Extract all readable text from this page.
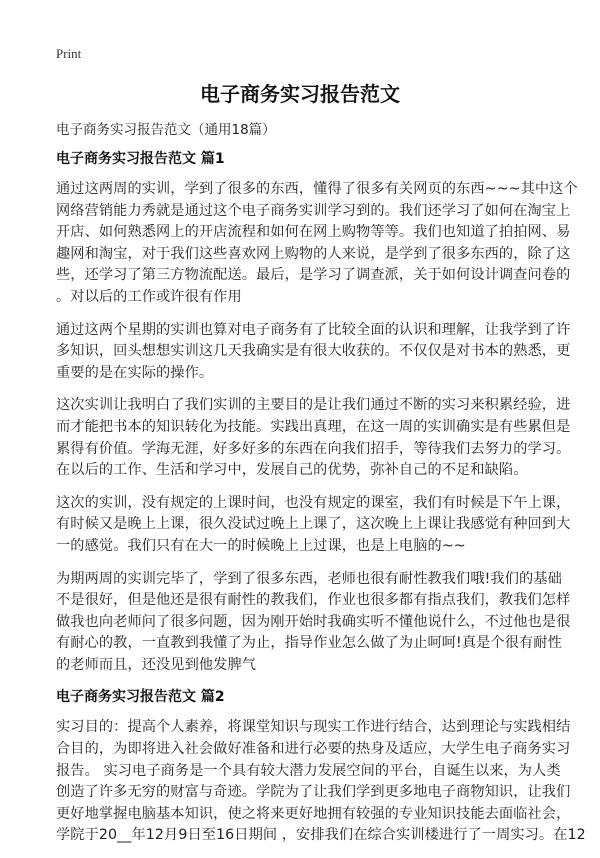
Print
电子商务实习报告范文
电子商务实习报告范文（通用18篇）
电子商务实习报告范文 篇1
通过这两周的实训，学到了很多的东西，懂得了很多有关网页的东西~~~其中这个
网络营销能力秀就是通过这个电子商务实训学习到的。我们还学习了如何在淘宝上
开店、如何熟悉网上的开店流程和如何在网上购物等等。我们也知道了拍拍网、易
趣网和淘宝，对于我们这些喜欢网上购物的人来说，是学到了很多东西的，除了这
些，还学习了第三方物流配送。最后，是学习了调查派，关于如何设计调查问卷的
。对以后的工作或许很有作用
通过这两个星期的实训也算对电子商务有了比较全面的认识和理解，让我学到了许
多知识，回头想想实训这几天我确实是有很大收获的。不仅仅是对书本的熟悉，更
重要的是在实际的操作。
这次实训让我明白了我们实训的主要目的是让我们通过不断的实习来积累经验，进
而才能把书本的知识转化为技能。实践出真理，在这一周的实训确实是有些累但是
累得有价值。学海无涯，好多好多的东西在向我们招手，等待我们去努力的学习。
在以后的工作、生活和学习中，发展自己的优势，弥补自己的不足和缺陷。
这次的实训，没有规定的上课时间，也没有规定的课室，我们有时候是下午上课，
有时候又是晚上上课，很久没试过晚上上课了，这次晚上上课让我感觉有种回到大
一的感觉。我们只有在大一的时候晚上上过课，也是上电脑的~~
为期两周的实训完毕了，学到了很多东西，老师也很有耐性教我们哦!我们的基础
不是很好，但是他还是很有耐性的教我们，作业也很多都有指点我们，教我们怎样
做我也向老师问了很多问题，因为刚开始时我确实听不懂他说什么，不过他也是很
有耐心的教，一直教到我懂了为止，指导作业怎么做了为止呵呵!真是个很有耐性
的老师而且，还没见到他发脾气
电子商务实习报告范文 篇2
实习目的：提高个人素养，将课堂知识与现实工作进行结合，达到理论与实践相结
合目的，为即将进入社会做好准备和进行必要的热身及适应，大学生电子商务实习
报告。 实习电子商务是一个具有较大潜力发展空间的平台，自诞生以来，为人类
创造了许多无穷的财富与奇迹。学院为了让我们学到更多地电子商物知识，让我们
更好地掌握电脑基本知识，使之将来更好地拥有较强的专业知识技能去面临社会，
学院于20__年12月9日至16日期间 ，安排我们在综合实训楼进行了一周实习。在12
